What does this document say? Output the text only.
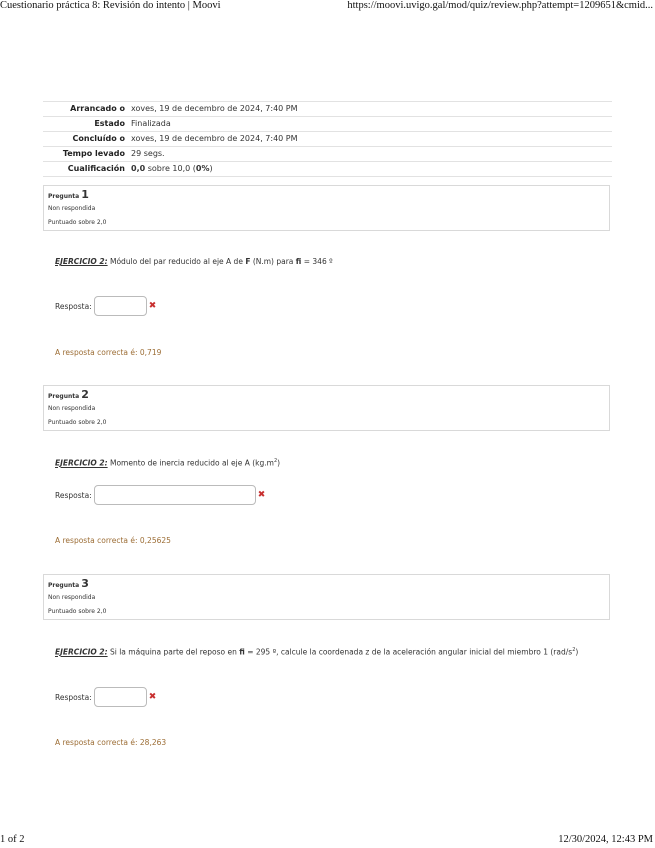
Cuestionario práctica 8: Revisión do intento | Moovi	https://moovi.uvigo.gal/mod/quiz/review.php?attempt=1209651&cmid...
Arrancado o	xoves, 19 de decembro de 2024, 7:40 PM
Estado	Finalizada
Concluído o	xoves, 19 de decembro de 2024, 7:40 PM
Tempo levado	29 segs.
Cualificación	0,0 sobre 10,0 (0%)
Pregunta 1
Non respondida
Puntuado sobre 2,0
EJERCICIO 2: Módulo del par reducido al eje A de F (N.m) para fi = 346 º
Resposta:	✖
A resposta correcta é: 0,719
Pregunta 2
Non respondida
Puntuado sobre 2,0
EJERCICIO 2: Momento de inercia reducido al eje A $(kg.m^2)$
Resposta:	✖
A resposta correcta é: 0,25625
Pregunta 3
Non respondida
Puntuado sobre 2,0
EJERCICIO 2: Si la máquina parte del reposo en fi = 295 º, calcule la coordenada z de la aceleración angular inicial del miembro 1 $(rad/s^2)$
Resposta:	✖
A resposta correcta é: 28,263
1 of 2	12/30/2024, 12:43 PM
